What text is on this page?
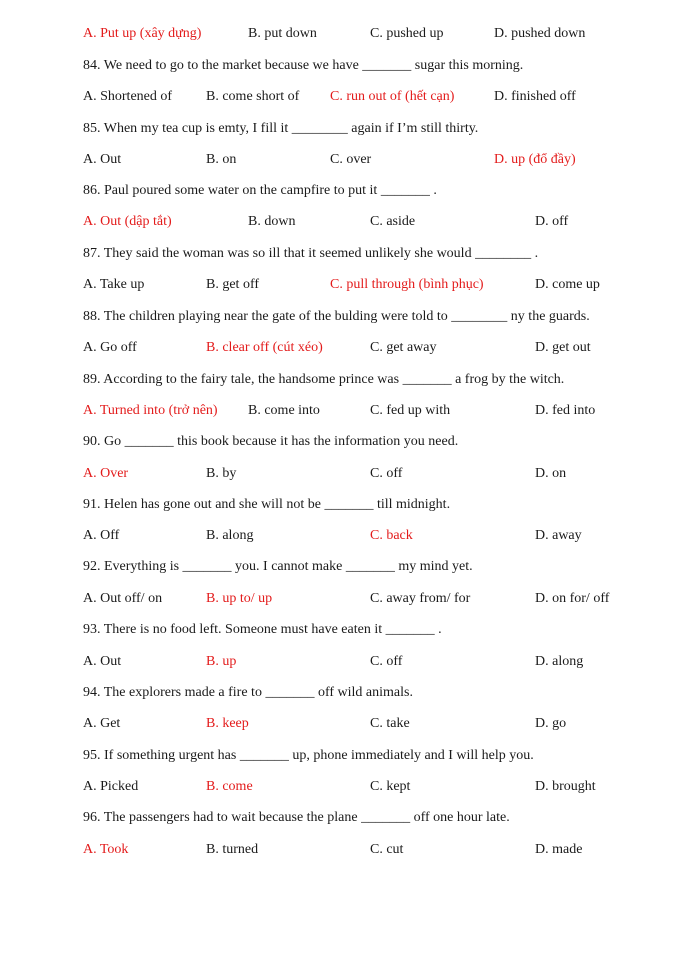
A. Put up (xây dựng)	B. put down	C. pushed up	D. pushed down
84. We need to go to the market because we have _______ sugar this morning.
A. Shortened of B. come short of C. run out of (hết cạn)	D. finished off
85. When my tea cup is emty, I fill it ________ again if I’m still thirty.
A. Out	B. on	C. over	D. up (đổ đầy)
86. Paul poured some water on the campfire to put it _______ .
A. Out (dập tắt)	B. down	C. aside	D. off
87. They said the woman was so ill that it seemed unlikely she would ________ .
A. Take up	B. get off	C. pull through (bình phục)	D. come up
88. The children playing near the gate of the bulding were told to ________ ny the guards.
A. Go off	B. clear off (cút xéo)	C. get away	D. get out
89. According to the fairy tale, the handsome prince was _______ a frog by the witch.
A. Turned into (trở nên) B. come into	C. fed up with	D. fed into
90. Go _______ this book because it has the information you need.
A. Over	B. by	C. off	D. on
91. Helen has gone out and she will not be _______ till midnight.
A. Off	B. along	C. back	D. away
92. Everything is _______ you. I cannot make _______ my mind yet.
A. Out off/ on	B. up to/ up	C. away from/ for	D. on for/ off
93. There is no food left. Someone must have eaten it _______ .
A. Out	B. up	C. off	D. along
94. The explorers made a fire to _______ off wild animals.
A. Get	B. keep	C. take	D. go
95. If something urgent has _______ up, phone immediately and I will help you.
A. Picked	B. come	C. kept	D. brought
96. The passengers had to wait because the plane _______ off one hour late.
A. Took	B. turned	C. cut	D. made
